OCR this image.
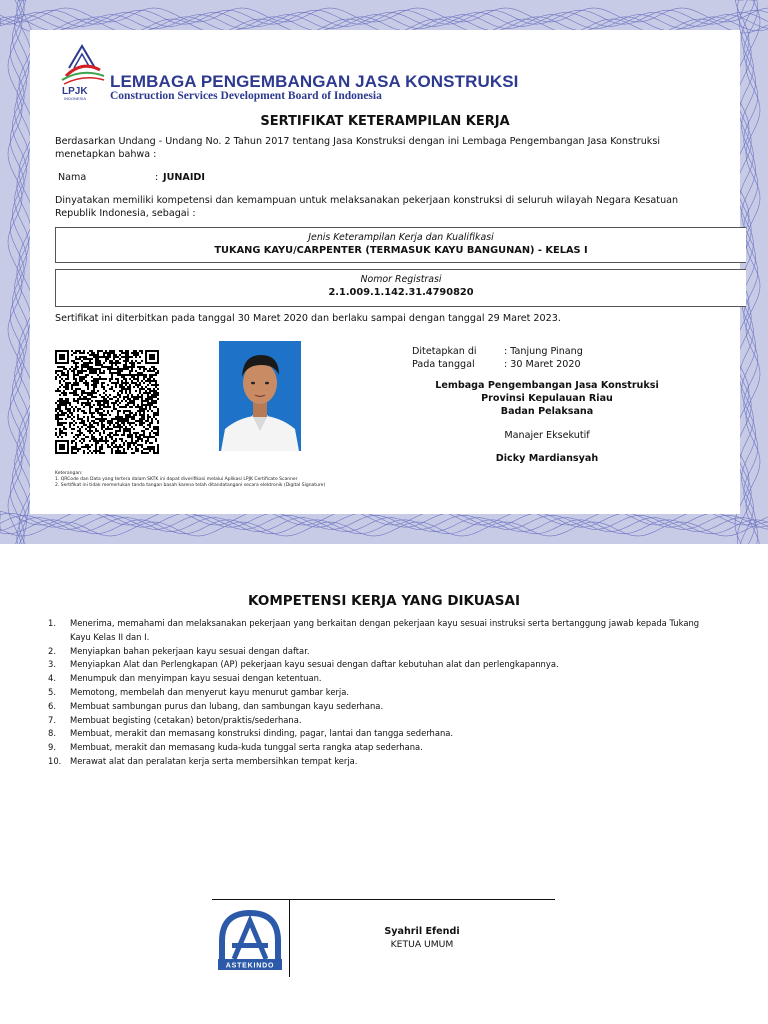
LPJK
INDONESIA
LEMBAGA PENGEMBANGAN JASA KONSTRUKSI
Construction Services Development Board of Indonesia
SERTIFIKAT KETERAMPILAN KERJA
Berdasarkan Undang - Undang No. 2 Tahun 2017 tentang Jasa Konstruksi dengan ini Lembaga Pengembangan Jasa Konstruksi menetapkan bahwa :
Nama	: JUNAIDI
Dinyatakan memiliki kompetensi dan kemampuan untuk melaksanakan pekerjaan konstruksi di seluruh wilayah Negara Kesatuan Republik Indonesia, sebagai :
Jenis Keterampilan Kerja dan Kualifikasi
TUKANG KAYU/CARPENTER (TERMASUK KAYU BANGUNAN) - KELAS I
Nomor Registrasi
2.1.009.1.142.31.4790820
Sertifikat ini diterbitkan pada tanggal 30 Maret 2020 dan berlaku sampai dengan tanggal 29 Maret 2023.
Ditetapkan di	: Tanjung Pinang
Pada tanggal	: 30 Maret 2020
Lembaga Pengembangan Jasa Konstruksi
Provinsi Kepulauan Riau
Badan Pelaksana
Manajer Eksekutif
Dicky Mardiansyah
Keterangan:
1. QRCode dan Data yang tertera dalam SKTK ini dapat diverifikasi melalui Aplikasi LPJK Certificate Scanner
2. Sertifikat ini tidak memerlukan tanda tangan basah karena telah ditandatangani secara elektronik (Digital Signature)
KOMPETENSI KERJA YANG DIKUASAI
1.	Menerima, memahami dan melaksanakan pekerjaan yang berkaitan dengan pekerjaan kayu sesuai instruksi serta bertanggung jawab kepada Tukang Kayu Kelas II dan I.
2.	Menyiapkan bahan pekerjaan kayu sesuai dengan daftar.
3.	Menyiapkan Alat dan Perlengkapan (AP) pekerjaan kayu sesuai dengan daftar kebutuhan alat dan perlengkapannya.
4.	Menumpuk dan menyimpan kayu sesuai dengan ketentuan.
5.	Memotong, membelah dan menyerut kayu menurut gambar kerja.
6.	Membuat sambungan purus dan lubang, dan sambungan kayu sederhana.
7.	Membuat begisting (cetakan) beton/praktis/sederhana.
8.	Membuat, merakit dan memasang konstruksi dinding, pagar, lantai dan tangga sederhana.
9.	Membuat, merakit dan memasang kuda-kuda tunggal serta rangka atap sederhana.
10.	Merawat alat dan peralatan kerja serta membersihkan tempat kerja.
ASTEKINDO
Syahril Efendi
KETUA UMUM
